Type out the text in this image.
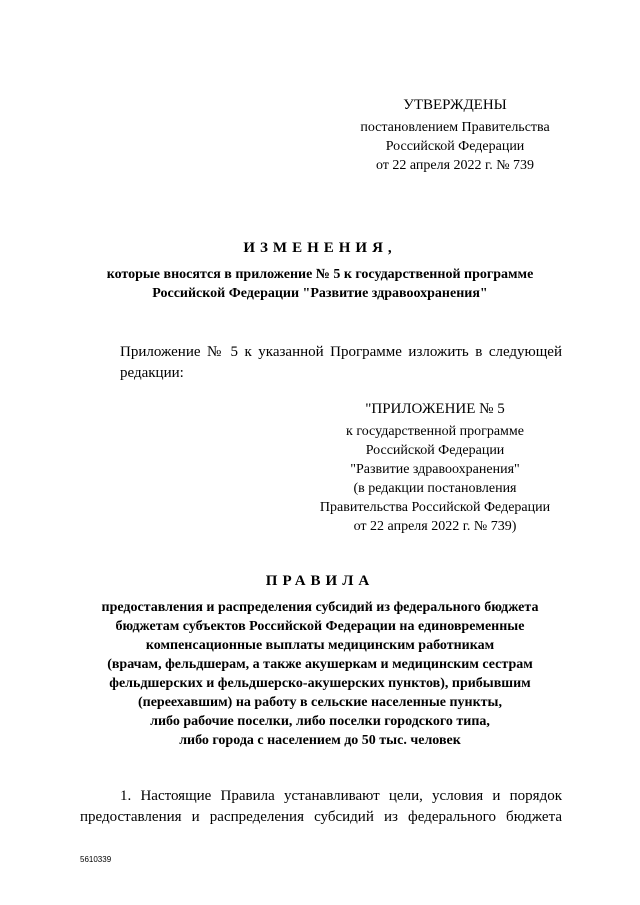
УТВЕРЖДЕНЫ
постановлением Правительства
Российской Федерации
от 22 апреля 2022 г. № 739
ИЗМЕНЕНИЯ,
которые вносятся в приложение № 5 к государственной программе
Российской Федерации "Развитие здравоохранения"
Приложение № 5 к указанной Программе изложить в следующей
редакции:
"ПРИЛОЖЕНИЕ № 5
к государственной программе
Российской Федерации
"Развитие здравоохранения"
(в редакции постановления
Правительства Российской Федерации
от 22 апреля 2022 г. № 739)
ПРАВИЛА
предоставления и распределения субсидий из федерального бюджета
бюджетам субъектов Российской Федерации на единовременные
компенсационные выплаты медицинским работникам
(врачам, фельдшерам, а также акушеркам и медицинским сестрам
фельдшерских и фельдшерско-акушерских пунктов), прибывшим
(переехавшим) на работу в сельские населенные пункты,
либо рабочие поселки, либо поселки городского типа,
либо города с населением до 50 тыс. человек
1. Настоящие Правила устанавливают цели, условия и порядок предоставления и распределения субсидий из федерального бюджета
5610339
